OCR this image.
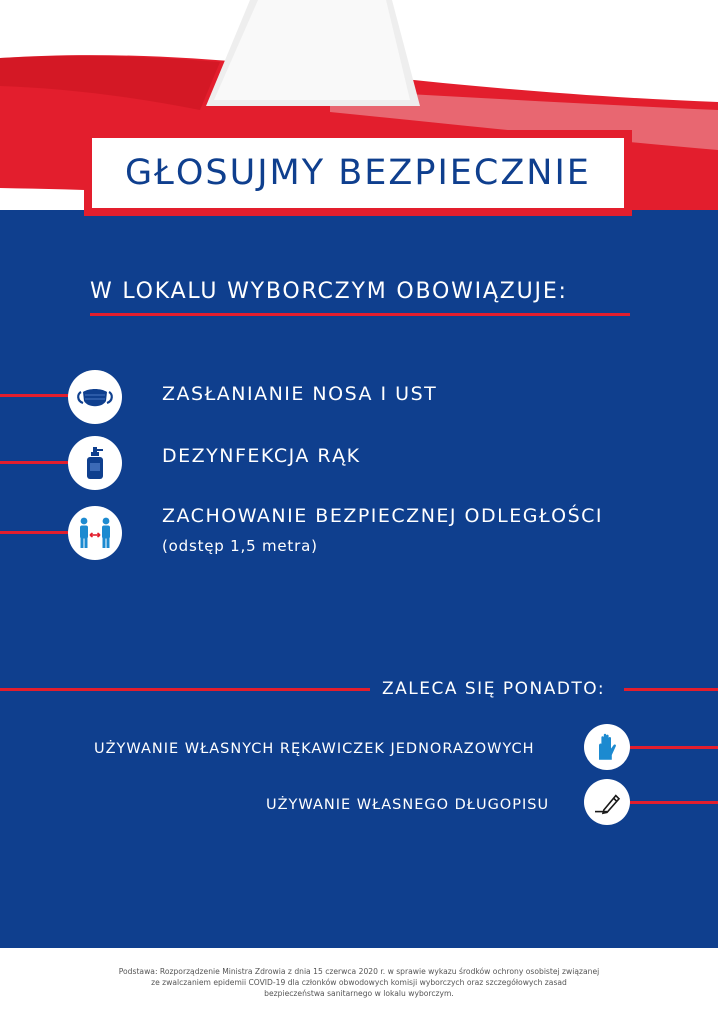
GŁOSUJMY BEZPIECZNIE
W LOKALU WYBORCZYM OBOWIĄZUJE:
ZASŁANIANIE NOSA I UST
DEZYNFEKCJA RĄK
ZACHOWANIE BEZPIECZNEJ ODLEGŁOŚCI
(odstęp 1,5 metra)
ZALECA SIĘ PONADTO:
UŻYWANIE WŁASNYCH RĘKAWICZEK JEDNORAZOWYCH
UŻYWANIE WŁASNEGO DŁUGOPISU
Podstawa: Rozporządzenie Ministra Zdrowia z dnia 15 czerwca 2020 r. w sprawie wykazu środków ochrony osobistej związanej
ze zwalczaniem epidemii COVID-19 dla członków obwodowych komisji wyborczych oraz szczegółowych zasad
bezpieczeństwa sanitarnego w lokalu wyborczym.
